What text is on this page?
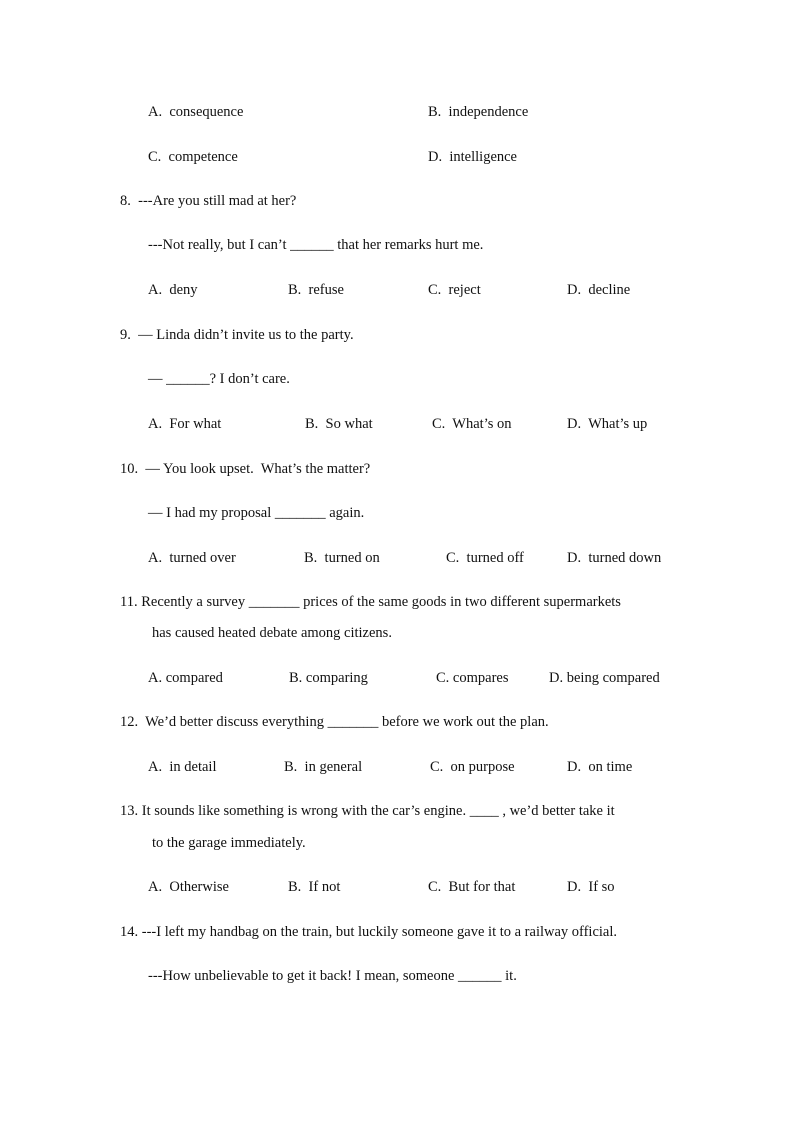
A. consequence	B. independence
C. competence	D. intelligence
8. ---Are you still mad at her?
---Not really, but I can’t ______ that her remarks hurt me.
A. deny	B. refuse	C. reject	D. decline
9. — Linda didn’t invite us to the party.
— ______? I don’t care.
A. For what	B. So what	C. What’s on	D. What’s up
10. — You look upset.  What’s the matter?
— I had my proposal _______ again.
A. turned over	B. turned on	C. turned off	D. turned down
11. Recently a survey _______ prices of the same goods in two different supermarkets
has caused heated debate among citizens.
A. compared	B. comparing	C. compares	D. being compared
12. We’d better discuss everything _______ before we work out the plan.
A. in detail	B. in general	C. on purpose	D. on time
13. It sounds like something is wrong with the car’s engine. ____ , we’d better take it
to the garage immediately.
A. Otherwise	B. If not	C. But for that	D. If so
14. ---I left my handbag on the train, but luckily someone gave it to a railway official.
---How unbelievable to get it back! I mean, someone ______ it.
